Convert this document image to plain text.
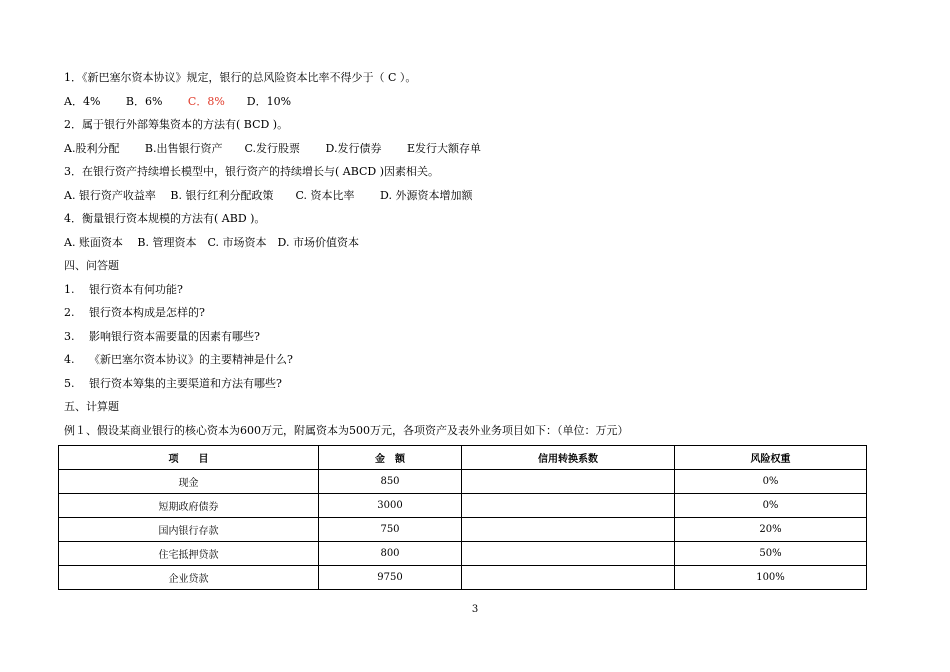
1．《新巴塞尔资本协议》规定，银行的总风险资本比率不得少于（ C ）。
A．4%　　 B．6%　　 C．8%　　D．10%
2．属于银行外部筹集资本的方法有( BCD )。
A.股利分配　　 B.出售银行资产　　C.发行股票　　 D.发行债券　　 E发行大额存单
3．在银行资产持续增长模型中，银行资产的持续增长与( ABCD )因素相关。
A. 银行资产收益率　 B. 银行红利分配政策　　C. 资本比率　　 D. 外源资本增加额
4．衡量银行资本规模的方法有( ABD )。
A. 账面资本　 B. 管理资本　C. 市场资本　D. 市场价值资本
四、问答题
1.　 银行资本有何功能?
2.　 银行资本构成是怎样的?
3.　 影响银行资本需要量的因素有哪些?
4.　 《新巴塞尔资本协议》的主要精神是什么?
5.　 银行资本筹集的主要渠道和方法有哪些?
五、计算题
例１、假设某商业银行的核心资本为600万元，附属资本为500万元，各项资产及表外业务项目如下：（单位：万元）
项　　目	金　额	信用转换系数	风险权重
现金	850		0%
短期政府债券	3000		0%
国内银行存款	750		20%
住宅抵押贷款	800		50%
企业贷款	9750		100%
3
